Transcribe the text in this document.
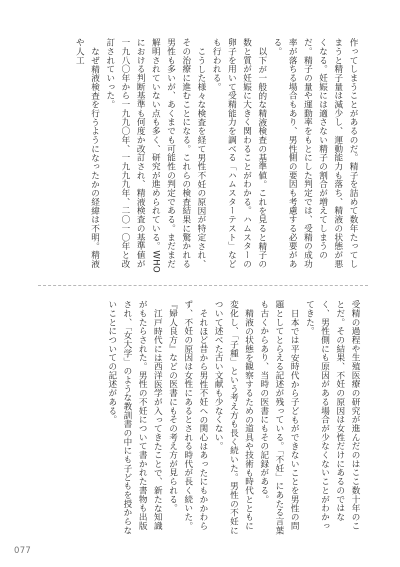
作ってしまうことがあるのだ。精子を詰めて数年たってしまうと精子量は減少し、運動能力も落ち、精液の状態が悪くなる。妊娠には適さない精子の割合が増えてしまうのだ。精子の量や運動率をもとにした判定では、受精の成功率が落ちる場合もあり、男性側の要因も考慮する必要がある。

以下が一般的な精液検査の基準値。これを見ると精子の数と質が妊娠に大きく関わることがわかる。ハムスターの卵子を用いて受精能力を調べる「ハムスターテスト」なども行われる。

こうした様々な検査を経て男性不妊の原因が特定され、その治療に進むことになる。これらの検査結果に驚かれる男性も多いが、あくまでも可能性の判定である。まだまだ解明されていない点も多く、研究が進められている。WHOにおける判断基準も何度か改訂され、精液検査の基準値が一九八〇年から一九九〇年、一九九九年、二〇一〇年と改訂されていった。

なぜ精液検査を行うようになったかの経緯は不明。精液や人工

受精の過程や生殖医療の研究が進んだのはここ数十年のことだ。その結果、不妊の原因は女性だけにあるのではなく、男性側にも原因がある場合が少なくないことがわかってきた。

日本では平安時代から子どもができないことを男性の問題としてとらえる記述が残っている。「不妊」にあたる言葉も古くからあり、当時の医書にもその記録がある。

精液の状態を観察するための道具や技術も時代とともに変化し、「子種」という考え方も長く続いた。男性の不妊について述べた古い文献も少なくない。

それほど昔から男性不妊への関心はあったにもかかわらず、不妊の原因は女性にあるとされる時代が長く続いた。『婦人良方』などの医書にもその考え方が見られる。

江戸時代には西洋医学が入ってきたことで、新たな知識がもたらされた。男性の不妊について書かれた書物も出版され、「女大学」のような教訓書の中にも子どもを授からないことについての記述がある。

077
